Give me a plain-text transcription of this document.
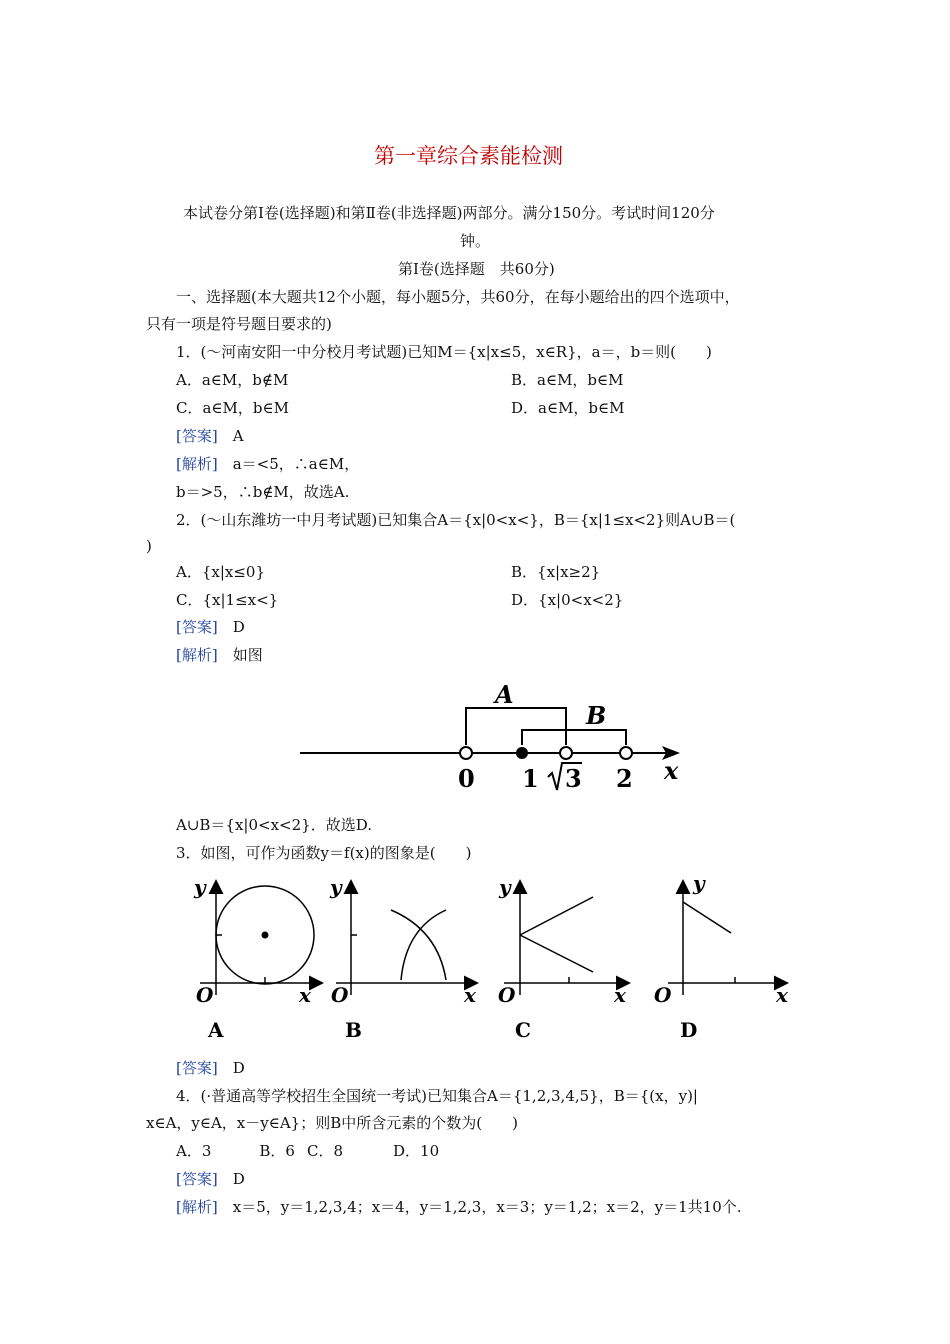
第一章综合素能检测
本试卷分第Ⅰ卷(选择题)和第Ⅱ卷(非选择题)两部分。满分150分。考试时间120分
钟。
第Ⅰ卷(选择题　共60分)
一、选择题(本大题共12个小题，每小题5分，共60分，在每小题给出的四个选项中，
只有一项是符号题目要求的)
1．(～河南安阳一中分校月考试题)已知M＝{x|x≤5，x∈R}，a＝，b＝则(　　)
A．a∈M，b∉M	B．a∈M，b∈M
C．a∈M，b∈M	D．a∈M，b∈M
[答案]　 A
[解析]　 a＝<5，∴a∈M，
b＝>5，∴b∉M，故选A.
2．(～山东潍坊一中月考试题)已知集合A＝{x|0<x<}，B＝{x|1≤x<2}则A∪B＝(
)
A．{x|x≤0}	B．{x|x≥2}
C．{x|1≤x<}	D．{x|0<x<2}
[答案]　 D
[解析]　 如图
A
B
0 1 3 2 x
A∪B＝{x|0<x<2}．故选D.
3．如图，可作为函数y＝f(x)的图象是(　　)
y
O	x
A
y
O	x
B
y
O	x
C
y
O	x
D
[答案]　 D
4．(·普通高等学校招生全国统一考试)已知集合A＝{1,2,3,4,5}，B＝{(x，y)|
x∈A，y∈A，x－y∈A}；则B中所含元素的个数为(　　)
A．3	B．6 C．8	D．10
[答案]　 D
[解析]　 x＝5，y＝1,2,3,4；x＝4，y＝1,2,3，x＝3；y＝1,2；x＝2，y＝1共10个.
